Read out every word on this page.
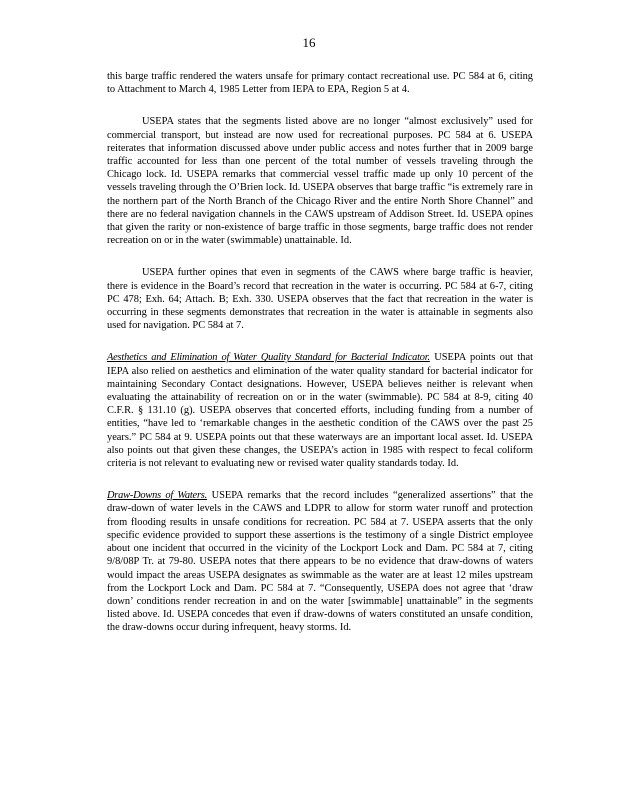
16

this barge traffic rendered the waters unsafe for primary contact recreational use. PC 584 at 6, citing to Attachment to March 4, 1985 Letter from IEPA to EPA, Region 5 at 4.

USEPA states that the segments listed above are no longer “almost exclusively” used for commercial transport, but instead are now used for recreational purposes. PC 584 at 6. USEPA reiterates that information discussed above under public access and notes further that in 2009 barge traffic accounted for less than one percent of the total number of vessels traveling through the Chicago lock. Id. USEPA remarks that commercial vessel traffic made up only 10 percent of the vessels traveling through the O’Brien lock. Id. USEPA observes that barge traffic “is extremely rare in the northern part of the North Branch of the Chicago River and the entire North Shore Channel” and there are no federal navigation channels in the CAWS upstream of Addison Street. Id. USEPA opines that given the rarity or non-existence of barge traffic in those segments, barge traffic does not render recreation on or in the water (swimmable) unattainable. Id.

USEPA further opines that even in segments of the CAWS where barge traffic is heavier, there is evidence in the Board’s record that recreation in the water is occurring. PC 584 at 6-7, citing PC 478; Exh. 64; Attach. B; Exh. 330. USEPA observes that the fact that recreation in the water is occurring in these segments demonstrates that recreation in the water is attainable in segments also used for navigation. PC 584 at 7.

Aesthetics and Elimination of Water Quality Standard for Bacterial Indicator. USEPA points out that IEPA also relied on aesthetics and elimination of the water quality standard for bacterial indicator for maintaining Secondary Contact designations. However, USEPA believes neither is relevant when evaluating the attainability of recreation on or in the water (swimmable). PC 584 at 8-9, citing 40 C.F.R. § 131.10 (g). USEPA observes that concerted efforts, including funding from a number of entities, “have led to ‘remarkable changes in the aesthetic condition of the CAWS over the past 25 years.” PC 584 at 9. USEPA points out that these waterways are an important local asset. Id. USEPA also points out that given these changes, the USEPA’s action in 1985 with respect to fecal coliform criteria is not relevant to evaluating new or revised water quality standards today. Id.

Draw-Downs of Waters. USEPA remarks that the record includes “generalized assertions” that the draw-down of water levels in the CAWS and LDPR to allow for storm water runoff and protection from flooding results in unsafe conditions for recreation. PC 584 at 7. USEPA asserts that the only specific evidence provided to support these assertions is the testimony of a single District employee about one incident that occurred in the vicinity of the Lockport Lock and Dam. PC 584 at 7, citing 9/8/08P Tr. at 79-80. USEPA notes that there appears to be no evidence that draw-downs of waters would impact the areas USEPA designates as swimmable as the water are at least 12 miles upstream from the Lockport Lock and Dam. PC 584 at 7. “Consequently, USEPA does not agree that ‘draw down’ conditions render recreation in and on the water [swimmable] unattainable” in the segments listed above. Id. USEPA concedes that even if draw-downs of waters constituted an unsafe condition, the draw-downs occur during infrequent, heavy storms. Id.
